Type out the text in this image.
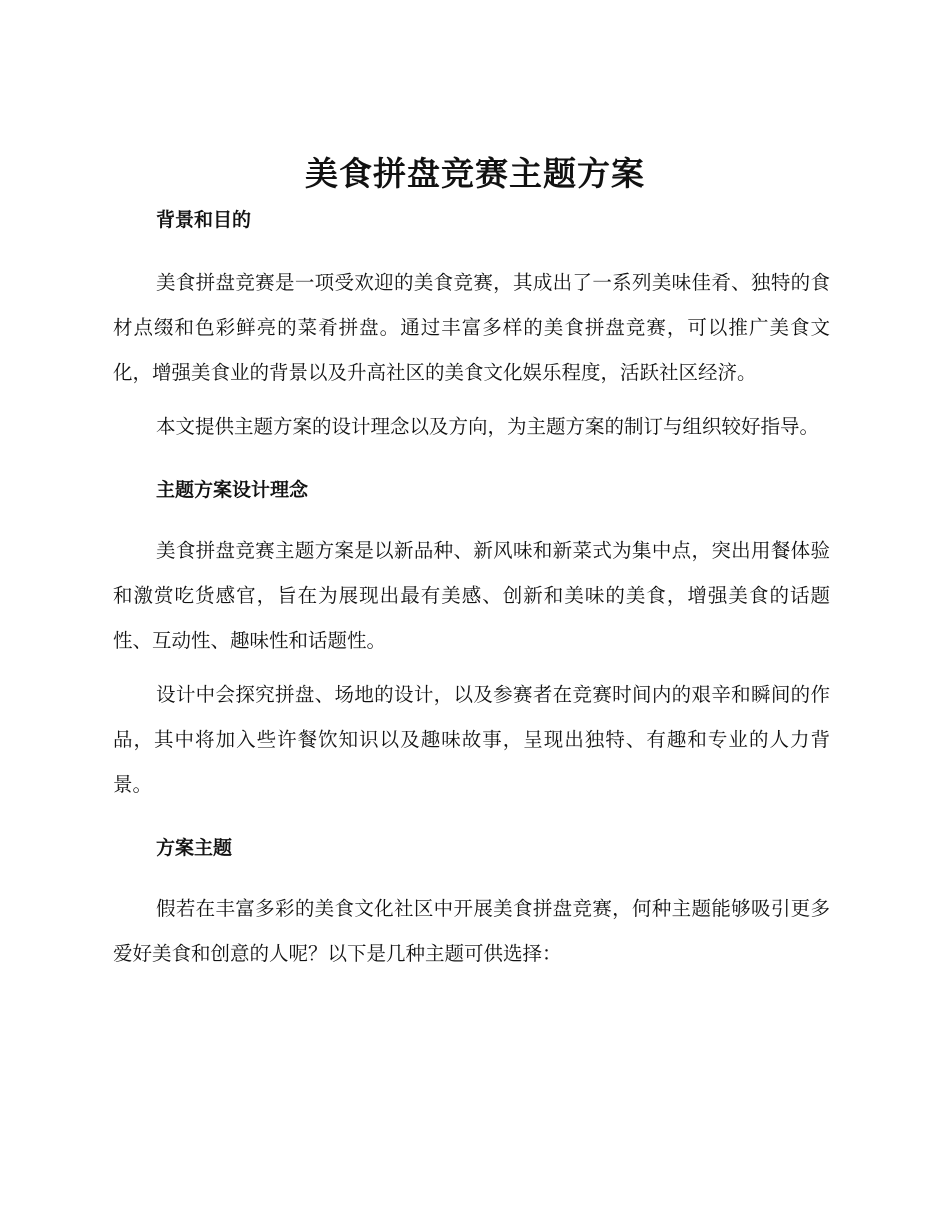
美食拼盘竞赛主题方案
背景和目的

美食拼盘竞赛是一项受欢迎的美食竞赛，其成出了一系列美味佳肴、独特的食材点缀和色彩鲜亮的菜肴拼盘。通过丰富多样的美食拼盘竞赛，可以推广美食文化，增强美食业的背景以及升高社区的美食文化娱乐程度，活跃社区经济。

本文提供主题方案的设计理念以及方向，为主题方案的制订与组织较好指导。

主题方案设计理念

美食拼盘竞赛主题方案是以新品种、新风味和新菜式为集中点，突出用餐体验和激赏吃货感官，旨在为展现出最有美感、创新和美味的美食，增强美食的话题性、互动性、趣味性和话题性。

设计中会探究拼盘、场地的设计，以及参赛者在竞赛时间内的艰辛和瞬间的作品，其中将加入些许餐饮知识以及趣味故事，呈现出独特、有趣和专业的人力背景。

方案主题

假若在丰富多彩的美食文化社区中开展美食拼盘竞赛，何种主题能够吸引更多爱好美食和创意的人呢？以下是几种主题可供选择：
